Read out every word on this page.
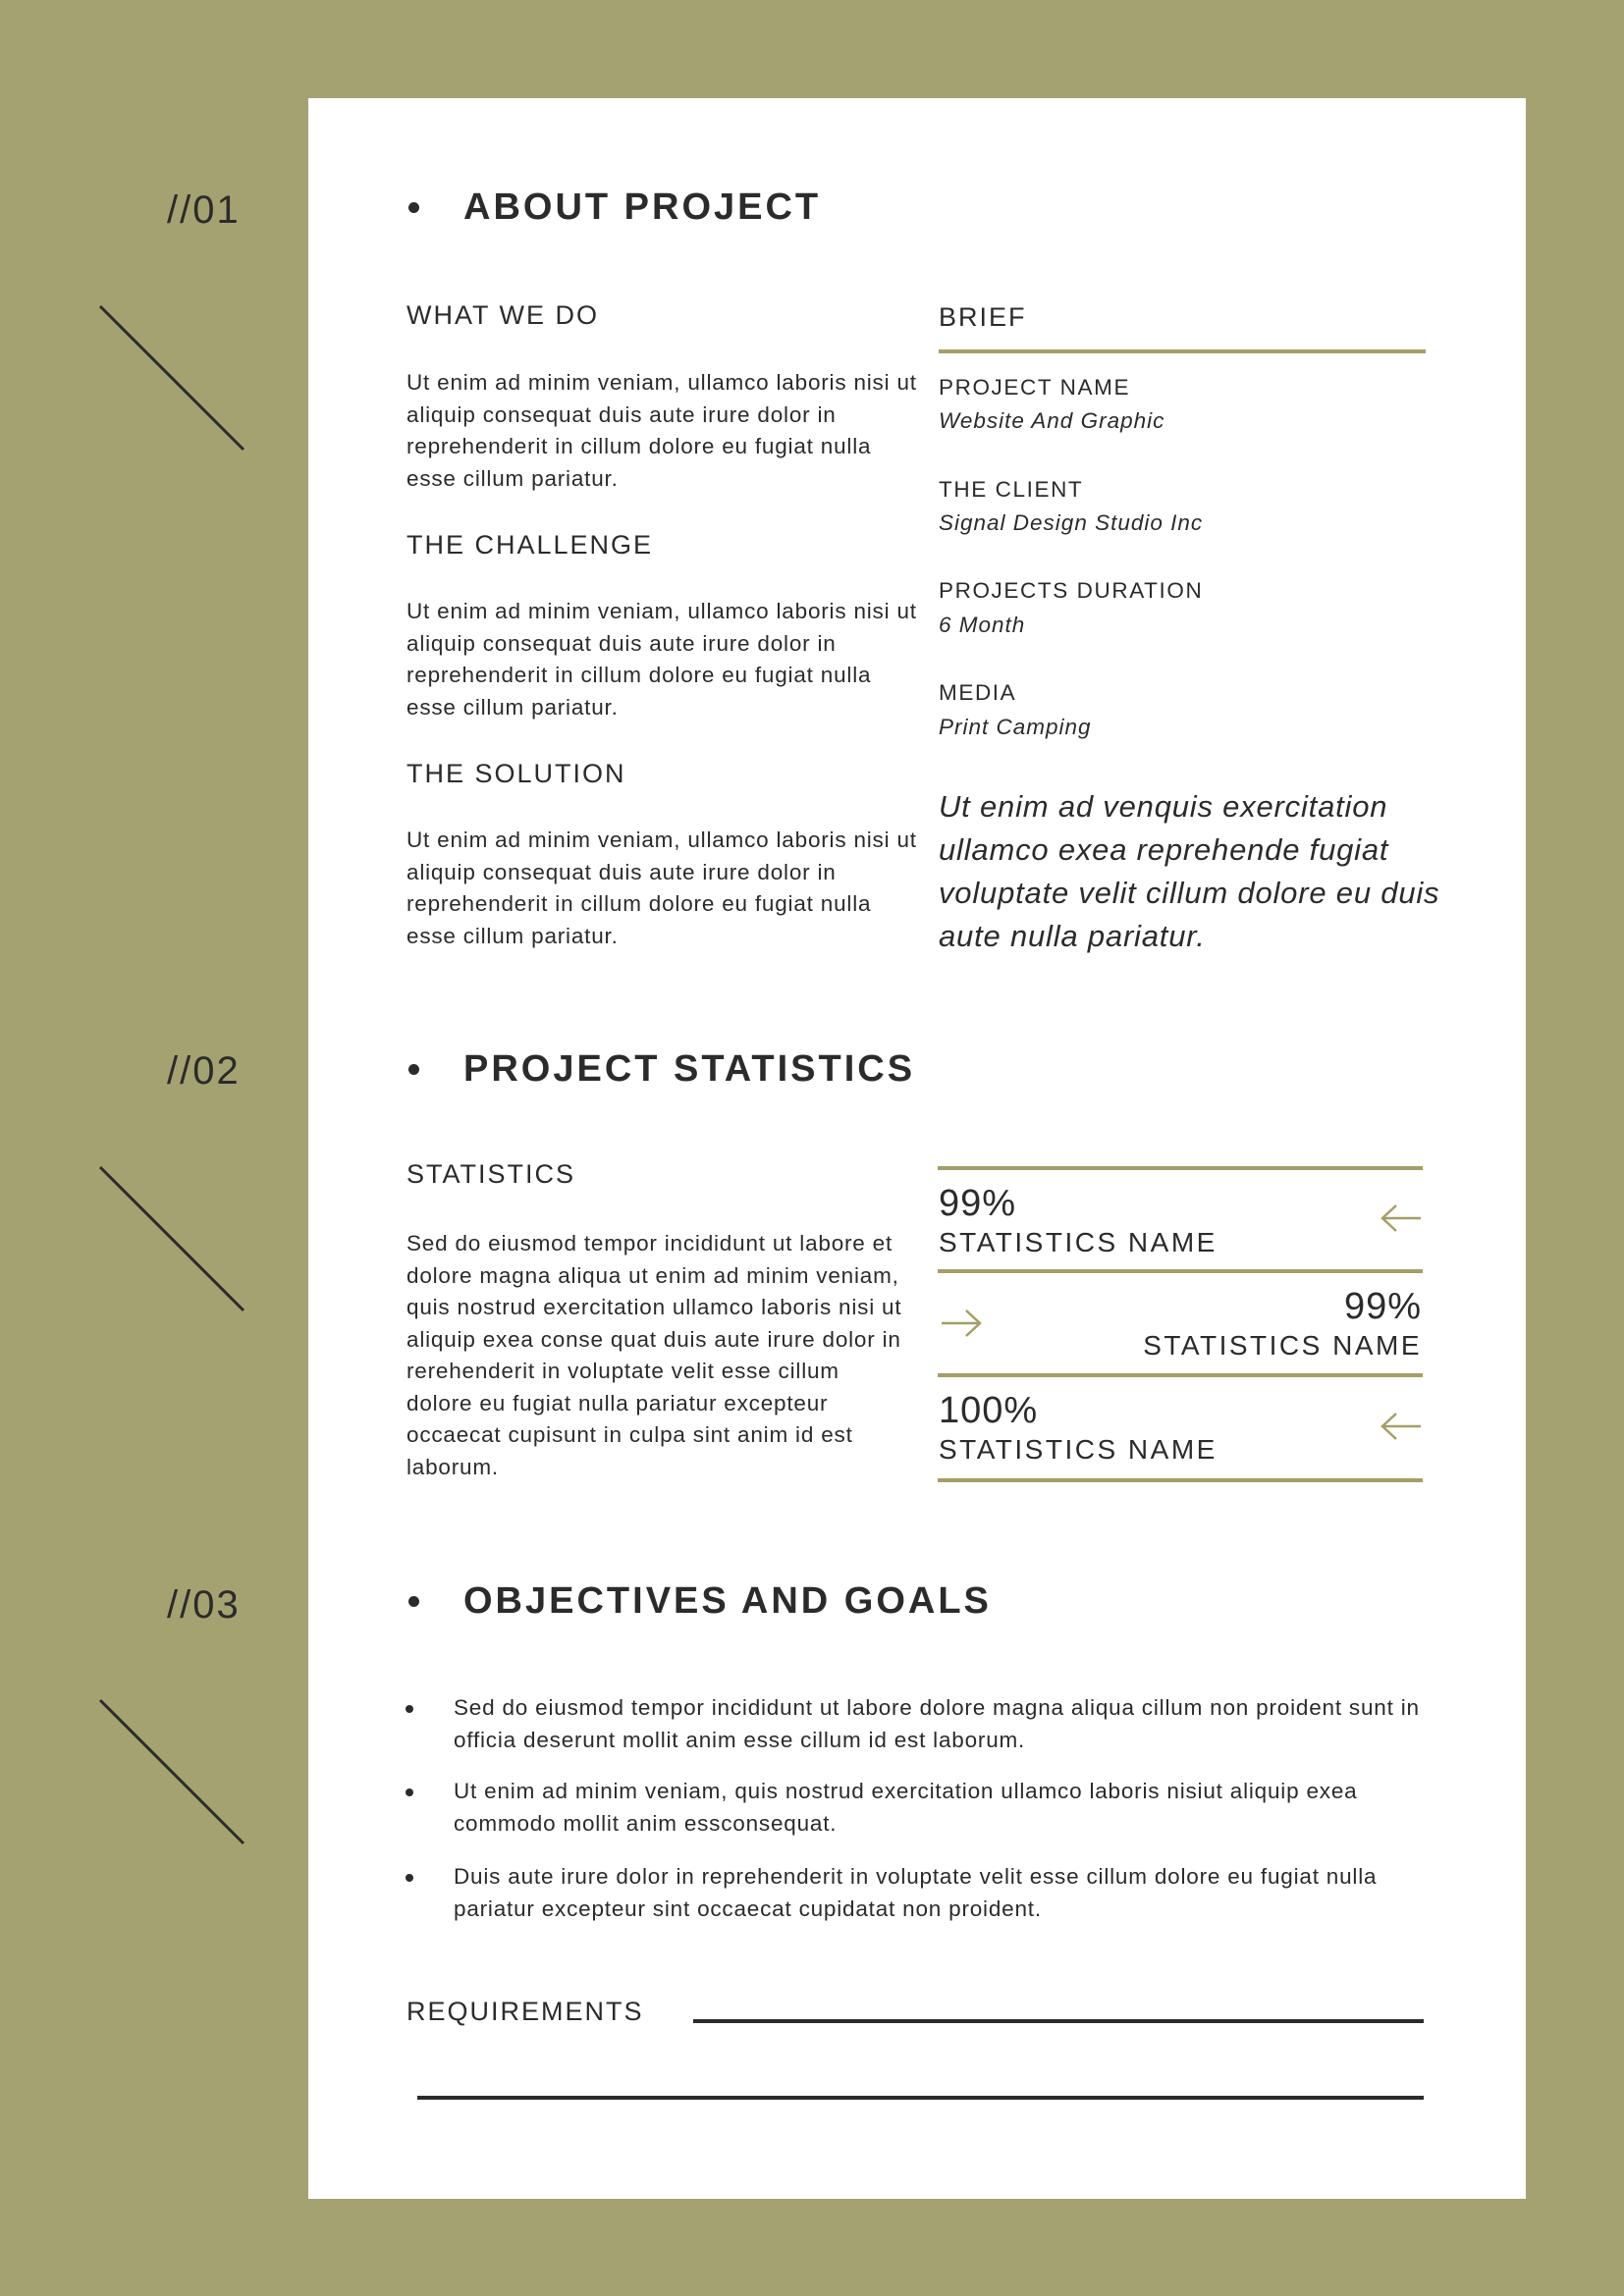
//01	ABOUT PROJECT
WHAT WE DO
Ut enim ad minim veniam, ullamco laboris nisi ut aliquip consequat duis aute irure dolor in reprehenderit in cillum dolore eu fugiat nulla esse cillum pariatur.
THE CHALLENGE
Ut enim ad minim veniam, ullamco laboris nisi ut aliquip consequat duis aute irure dolor in reprehenderit in cillum dolore eu fugiat nulla esse cillum pariatur.
THE SOLUTION
Ut enim ad minim veniam, ullamco laboris nisi ut aliquip consequat duis aute irure dolor in reprehenderit in cillum dolore eu fugiat nulla esse cillum pariatur.
BRIEF
PROJECT NAME
Website And Graphic
THE CLIENT
Signal Design Studio Inc
PROJECTS DURATION
6 Month
MEDIA
Print Camping
Ut enim ad venquis exercitation ullamco exea reprehende fugiat voluptate velit cillum dolore eu duis aute nulla pariatur.
//02	PROJECT STATISTICS
STATISTICS
Sed do eiusmod tempor incididunt ut labore et dolore magna aliqua ut enim ad minim veniam, quis nostrud exercitation ullamco laboris nisi ut aliquip exea conse quat duis aute irure dolor in rerehenderit in voluptate velit esse cillum dolore eu fugiat nulla pariatur excepteur occaecat cupisunt in culpa sint anim id est laborum.
99%
STATISTICS NAME
99%
STATISTICS NAME
100%
STATISTICS NAME
//03	OBJECTIVES AND GOALS
Sed do eiusmod tempor incididunt ut labore dolore magna aliqua cillum non proident sunt in officia deserunt mollit anim esse cillum id est laborum.
Ut enim ad minim veniam, quis nostrud exercitation ullamco laboris nisiut aliquip exea commodo mollit anim essconsequat.
Duis aute irure dolor in reprehenderit in voluptate velit esse cillum dolore eu fugiat nulla pariatur excepteur sint occaecat cupidatat non proident.
REQUIREMENTS
